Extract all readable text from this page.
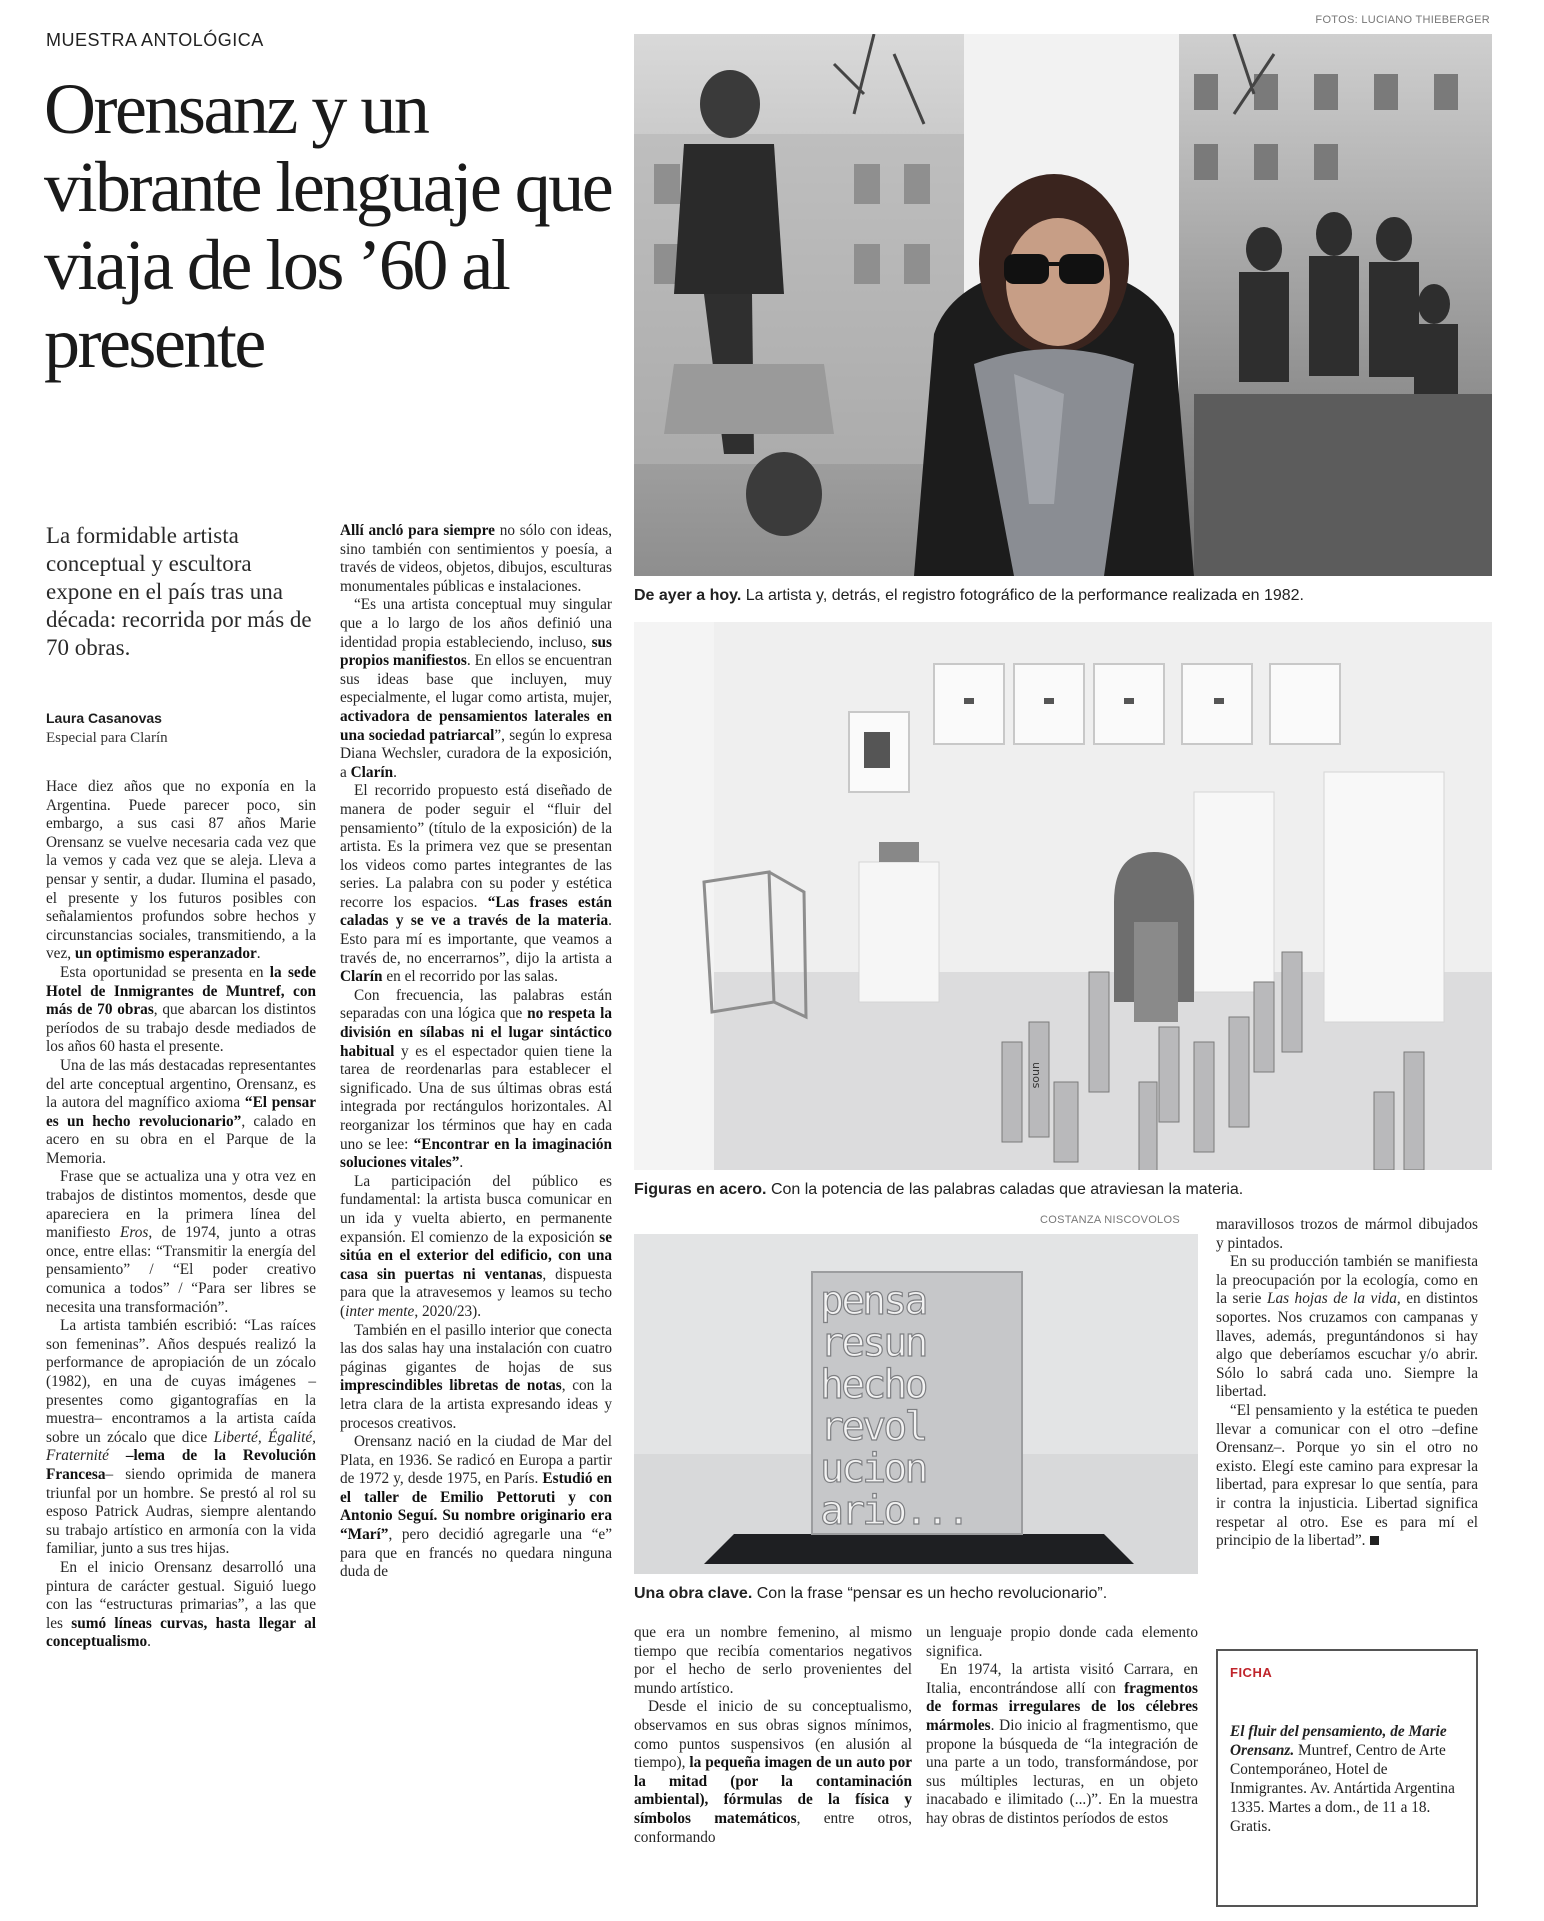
MUESTRA ANTOLÓGICA
Orensanz y un vibrante lenguaje que viaja de los ’60 al presente
FOTOS: LUCIANO THIEBERGER
De ayer a hoy. La artista y, detrás, el registro fotográfico de la performance realizada en 1982.
unos
Figuras en acero. Con la potencia de las palabras caladas que atraviesan la materia.
COSTANZA NISCOVOLOS
pensa
resun
hecho
revol
ucion
ario...
Una obra clave. Con la frase “pensar es un hecho revolucionario”.

La formidable artista conceptual y escultora expone en el país tras una década: recorrida por más de 70 obras.

Laura Casanovas
Especial para Clarín

Hace diez años que no exponía en la Argentina. Puede parecer poco, sin embargo, a sus casi 87 años Marie Orensanz se vuelve necesaria cada vez que la vemos y cada vez que se aleja. Lleva a pensar y sentir, a dudar. Ilumina el pasado, el presente y los futuros posibles con señalamientos profundos sobre hechos y circunstancias sociales, transmitiendo, a la vez, un optimismo esperanzador.

Esta oportunidad se presenta en la sede Hotel de Inmigrantes de Muntref, con más de 70 obras, que abarcan los distintos períodos de su trabajo desde mediados de los años 60 hasta el presente.

Una de las más destacadas representantes del arte conceptual argentino, Orensanz, es la autora del magnífico axioma “El pensar es un hecho revolucionario”, calado en acero en su obra en el Parque de la Memoria.

Frase que se actualiza una y otra vez en trabajos de distintos momentos, desde que apareciera en la primera línea del manifiesto Eros, de 1974, junto a otras once, entre ellas: “Transmitir la energía del pensamiento” / “El poder creativo comunica a todos” / “Para ser libres se necesita una transformación”.

La artista también escribió: “Las raíces son femeninas”. Años después realizó la performance de apropiación de un zócalo (1982), en una de cuyas imágenes –presentes como gigantografías en la muestra– encontramos a la artista caída sobre un zócalo que dice Liberté, Égalité, Fraternité –lema de la Revolución Francesa– siendo oprimida de manera triunfal por un hombre. Se prestó al rol su esposo Patrick Audras, siempre alentando su trabajo artístico en armonía con la vida familiar, junto a sus tres hijas.

En el inicio Orensanz desarrolló una pintura de carácter gestual. Siguió luego con las “estructuras primarias”, a las que les sumó líneas curvas, hasta llegar al conceptualismo.

Allí ancló para siempre no sólo con ideas, sino también con sentimientos y poesía, a través de videos, objetos, dibujos, esculturas monumentales públicas e instalaciones.

“Es una artista conceptual muy singular que a lo largo de los años definió una identidad propia estableciendo, incluso, sus propios manifiestos. En ellos se encuentran sus ideas base que incluyen, muy especialmente, el lugar como artista, mujer, activadora de pensamientos laterales en una sociedad patriarcal”, según lo expresa Diana Wechsler, curadora de la exposición, a Clarín.

El recorrido propuesto está diseñado de manera de poder seguir el “fluir del pensamiento” (título de la exposición) de la artista. Es la primera vez que se presentan los videos como partes integrantes de las series. La palabra con su poder y estética recorre los espacios. “Las frases están caladas y se ve a través de la materia. Esto para mí es importante, que veamos a través de, no encerrarnos”, dijo la artista a Clarín en el recorrido por las salas.

Con frecuencia, las palabras están separadas con una lógica que no respeta la división en sílabas ni el lugar sintáctico habitual y es el espectador quien tiene la tarea de reordenarlas para establecer el significado. Una de sus últimas obras está integrada por rectángulos horizontales. Al reorganizar los términos que hay en cada uno se lee: “Encontrar en la imaginación soluciones vitales”.

La participación del público es fundamental: la artista busca comunicar en un ida y vuelta abierto, en permanente expansión. El comienzo de la exposición se sitúa en el exterior del edificio, con una casa sin puertas ni ventanas, dispuesta para que la atravesemos y leamos su techo (inter mente, 2020/23).

También en el pasillo interior que conecta las dos salas hay una instalación con cuatro páginas gigantes de hojas de sus imprescindibles libretas de notas, con la letra clara de la artista expresando ideas y procesos creativos.

Orensanz nació en la ciudad de Mar del Plata, en 1936. Se radicó en Europa a partir de 1972 y, desde 1975, en París. Estudió en el taller de Emilio Pettoruti y con Antonio Seguí. Su nombre originario era “Marí”, pero decidió agregarle una “e” para que en francés no quedara ninguna duda de

que era un nombre femenino, al mismo tiempo que recibía comentarios negativos por el hecho de serlo provenientes del mundo artístico.

Desde el inicio de su conceptualismo, observamos en sus obras signos mínimos, como puntos suspensivos (en alusión al tiempo), la pequeña imagen de un auto por la mitad (por la contaminación ambiental), fórmulas de la física y símbolos matemáticos, entre otros, conformando

un lenguaje propio donde cada elemento significa.

En 1974, la artista visitó Carrara, en Italia, encontrándose allí con fragmentos de formas irregulares de los célebres mármoles. Dio inicio al fragmentismo, que propone la búsqueda de “la integración de una parte a un todo, transformándose, por sus múltiples lecturas, en un objeto inacabado e ilimitado (...)”. En la muestra hay obras de distintos períodos de estos

maravillosos trozos de mármol dibujados y pintados.

En su producción también se manifiesta la preocupación por la ecología, como en la serie Las hojas de la vida, en distintos soportes. Nos cruzamos con campanas y llaves, además, preguntándonos si hay algo que deberíamos escuchar y/o abrir. Sólo lo sabrá cada uno. Siempre la libertad.

“El pensamiento y la estética te pueden llevar a comunicar con el otro –define Orensanz–. Porque yo sin el otro no existo. Elegí este camino para expresar la libertad, para expresar lo que sentía, para ir contra la injusticia. Libertad significa respetar al otro. Ese es para mí el principio de la libertad”.

FICHA
El fluir del pensamiento, de Marie Orensanz. Muntref, Centro de Arte Contemporáneo, Hotel de Inmigrantes. Av. Antártida Argentina 1335. Martes a dom., de 11 a 18. Gratis.
